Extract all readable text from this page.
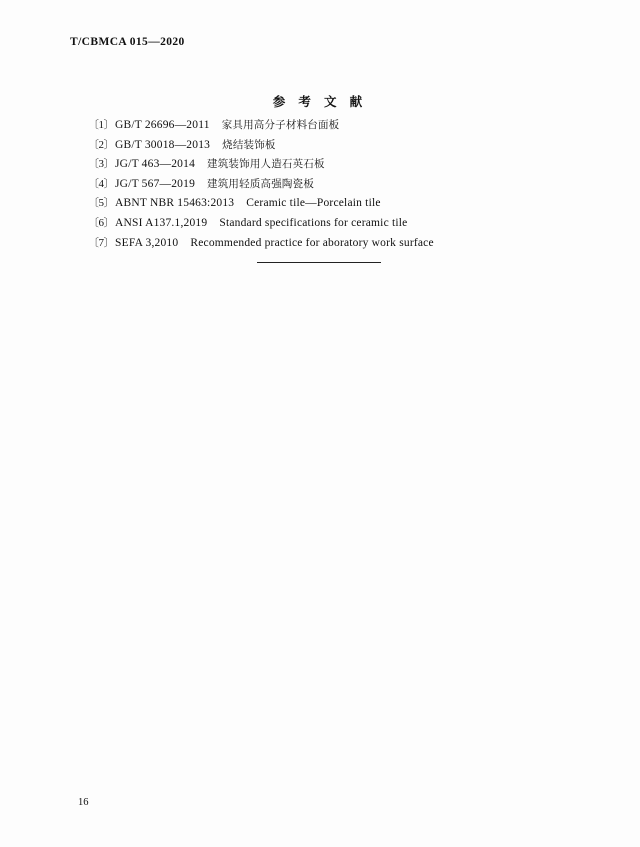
T/CBMCA 015—2020
参 考 文 献
〔1〕 GB/T 26696—2011 家具用高分子材料台面板
〔2〕 GB/T 30018—2013 烧结装饰板
〔3〕 JG/T 463—2014 建筑装饰用人造石英石板
〔4〕 JG/T 567—2019 建筑用轻质高强陶瓷板
〔5〕 ABNT NBR 15463:2013 Ceramic tile—Porcelain tile
〔6〕 ANSI A137.1,2019 Standard specifications for ceramic tile
〔7〕 SEFA 3,2010 Recommended practice for aboratory work surface
16
